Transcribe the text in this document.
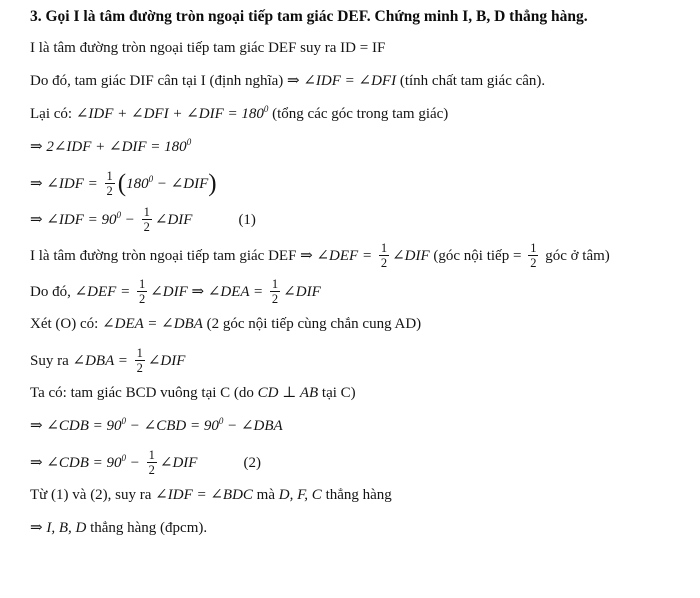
3. Gọi I là tâm đường tròn ngoại tiếp tam giác DEF. Chứng minh I, B, D thẳng hàng.
I là tâm đường tròn ngoại tiếp tam giác DEF suy ra ID = IF
Do đó, tam giác DIF cân tại I (định nghĩa) ⇒ ∠IDF = ∠DFI (tính chất tam giác cân).
Lại có: ∠IDF + ∠DFI + ∠DIF = $180^0$ (tổng các góc trong tam giác)
⇒ 2∠IDF + ∠DIF = $180^0$
⇒ ∠IDF = $\frac{1}{2} (180^0$ − ∠DIF)
⇒ ∠IDF = $90^0 - \frac{1}{2}$ ∠DIF	(1)
I là tâm đường tròn ngoại tiếp tam giác DEF ⇒ ∠DEF = $\frac{1}{2}$ ∠DIF (góc nội tiếp = $\frac{1}{2}$ góc ở tâm)
Do đó, ∠DEF = $\frac{1}{2}$ ∠DIF ⇒ ∠DEA = $\frac{1}{2}$ ∠DIF
Xét (O) có: ∠DEA = ∠DBA (2 góc nội tiếp cùng chắn cung AD)
Suy ra ∠DBA = $\frac{1}{2}$ ∠DIF
Ta có: tam giác BCD vuông tại C (do CD ⊥ AB tại C)
⇒ ∠CDB = $90^0$ − ∠CBD = $90^0$ − ∠DBA
⇒ ∠CDB = $90^0 - \frac{1}{2}$ ∠DIF	(2)
Từ (1) và (2), suy ra ∠IDF = ∠BDC mà D, F, C thẳng hàng
⇒ I, B, D thẳng hàng (đpcm).
